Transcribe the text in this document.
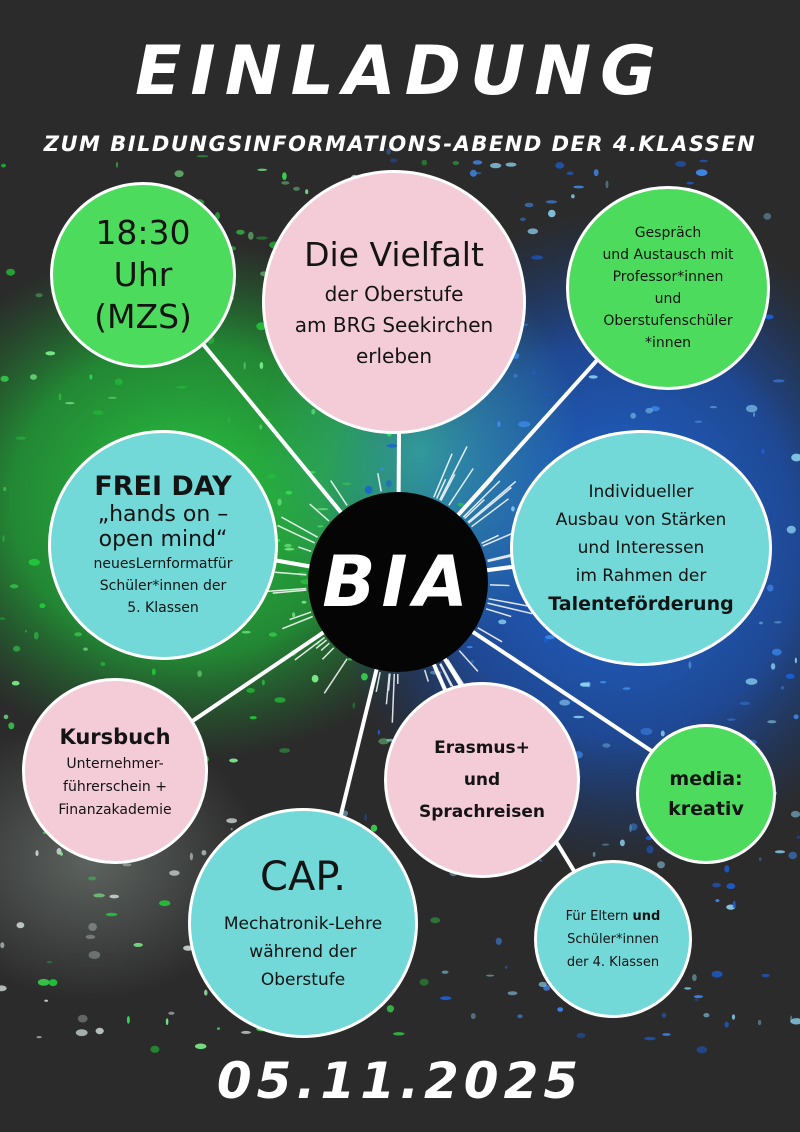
EINLADUNG
ZUM BILDUNGSINFORMATIONS-ABEND DER 4.KLASSEN
18:30
Uhr
(MZS)
Die Vielfalt
der Oberstufe
am BRG Seekirchen
erleben
Gespräch
und Austausch mit
Professor*innen
und
Oberstufenschüler
*innen
FREI DAY
„hands on –
open mind“
neuesLernformatfür
Schüler*innen der
5. Klassen
Individueller
Ausbau von Stärken
und Interessen
im Rahmen der
Talenteförderung
Kursbuch
Unternehmer-
führerschein +
Finanzakademie
Erasmus+
und
Sprachreisen
media:
kreativ
CAP.
Mechatronik-Lehre
während der
Oberstufe
Für Eltern und
Schüler*innen
der 4. Klassen
BIA
05.11.2025
